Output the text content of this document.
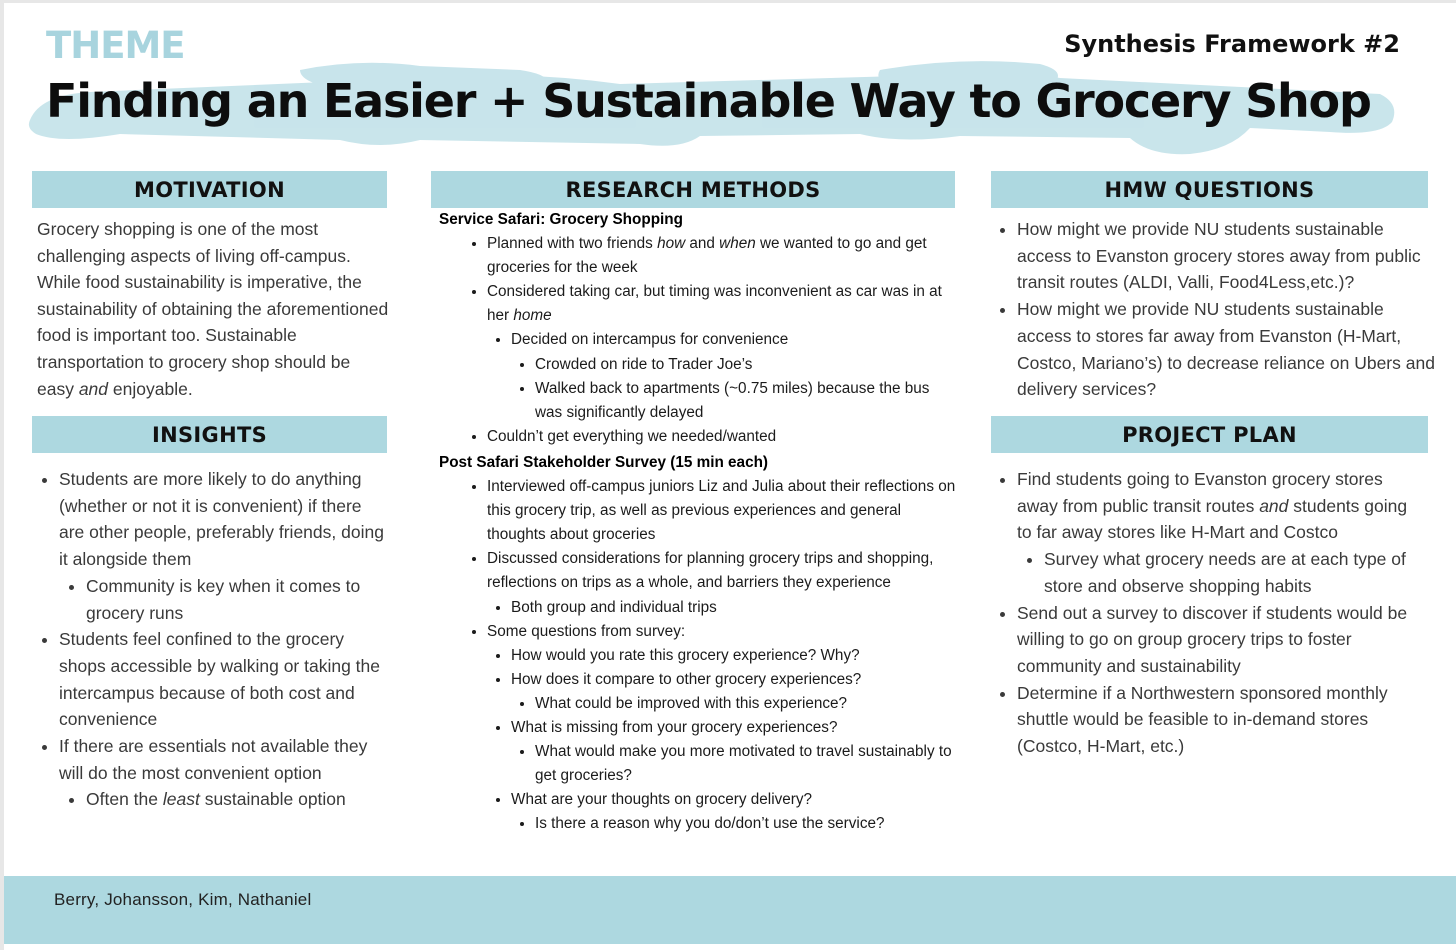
THEME	Synthesis Framework #2
Finding an Easier + Sustainable Way to Grocery Shop
MOTIVATION

Grocery shopping is one of the most challenging aspects of living off-campus. While food sustainability is imperative, the sustainability of obtaining the aforementioned food is important too. Sustainable transportation to grocery shop should be easy and enjoyable.

INSIGHTS
• Students are more likely to do anything (whether or not it is convenient) if there are other people, preferably friends, doing it alongside them
• Community is key when it comes to grocery runs
• Students feel confined to the grocery shops accessible by walking or taking the intercampus because of both cost and convenience
• If there are essentials not available they will do the most convenient option
• Often the least sustainable option
RESEARCH METHODS
Service Safari: Grocery Shopping
• Planned with two friends how and when we wanted to go and get groceries for the week
• Considered taking car, but timing was inconvenient as car was in at her home
• Decided on intercampus for convenience
• Crowded on ride to Trader Joe’s
• Walked back to apartments (~0.75 miles) because the bus was significantly delayed
• Couldn’t get everything we needed/wanted
Post Safari Stakeholder Survey (15 min each)
• Interviewed off-campus juniors Liz and Julia about their reflections on this grocery trip, as well as previous experiences and general thoughts about groceries
• Discussed considerations for planning grocery trips and shopping, reflections on trips as a whole, and barriers they experience
• Both group and individual trips
• Some questions from survey:
• How would you rate this grocery experience? Why?
• How does it compare to other grocery experiences?
• What could be improved with this experience?
• What is missing from your grocery experiences?
• What would make you more motivated to travel sustainably to get groceries?
• What are your thoughts on grocery delivery?
• Is there a reason why you do/don’t use the service?
HMW QUESTIONS
• How might we provide NU students sustainable access to Evanston grocery stores away from public transit routes (ALDI, Valli, Food4Less,etc.)?
• How might we provide NU students sustainable access to stores far away from Evanston (H-Mart, Costco, Mariano’s) to decrease reliance on Ubers and delivery services?
PROJECT PLAN
• Find students going to Evanston grocery stores away from public transit routes and students going to far away stores like H-Mart and Costco
• Survey what grocery needs are at each type of store and observe shopping habits
• Send out a survey to discover if students would be willing to go on group grocery trips to foster community and sustainability
• Determine if a Northwestern sponsored monthly shuttle would be feasible to in-demand stores (Costco, H-Mart, etc.)
Berry, Johansson, Kim, Nathaniel
